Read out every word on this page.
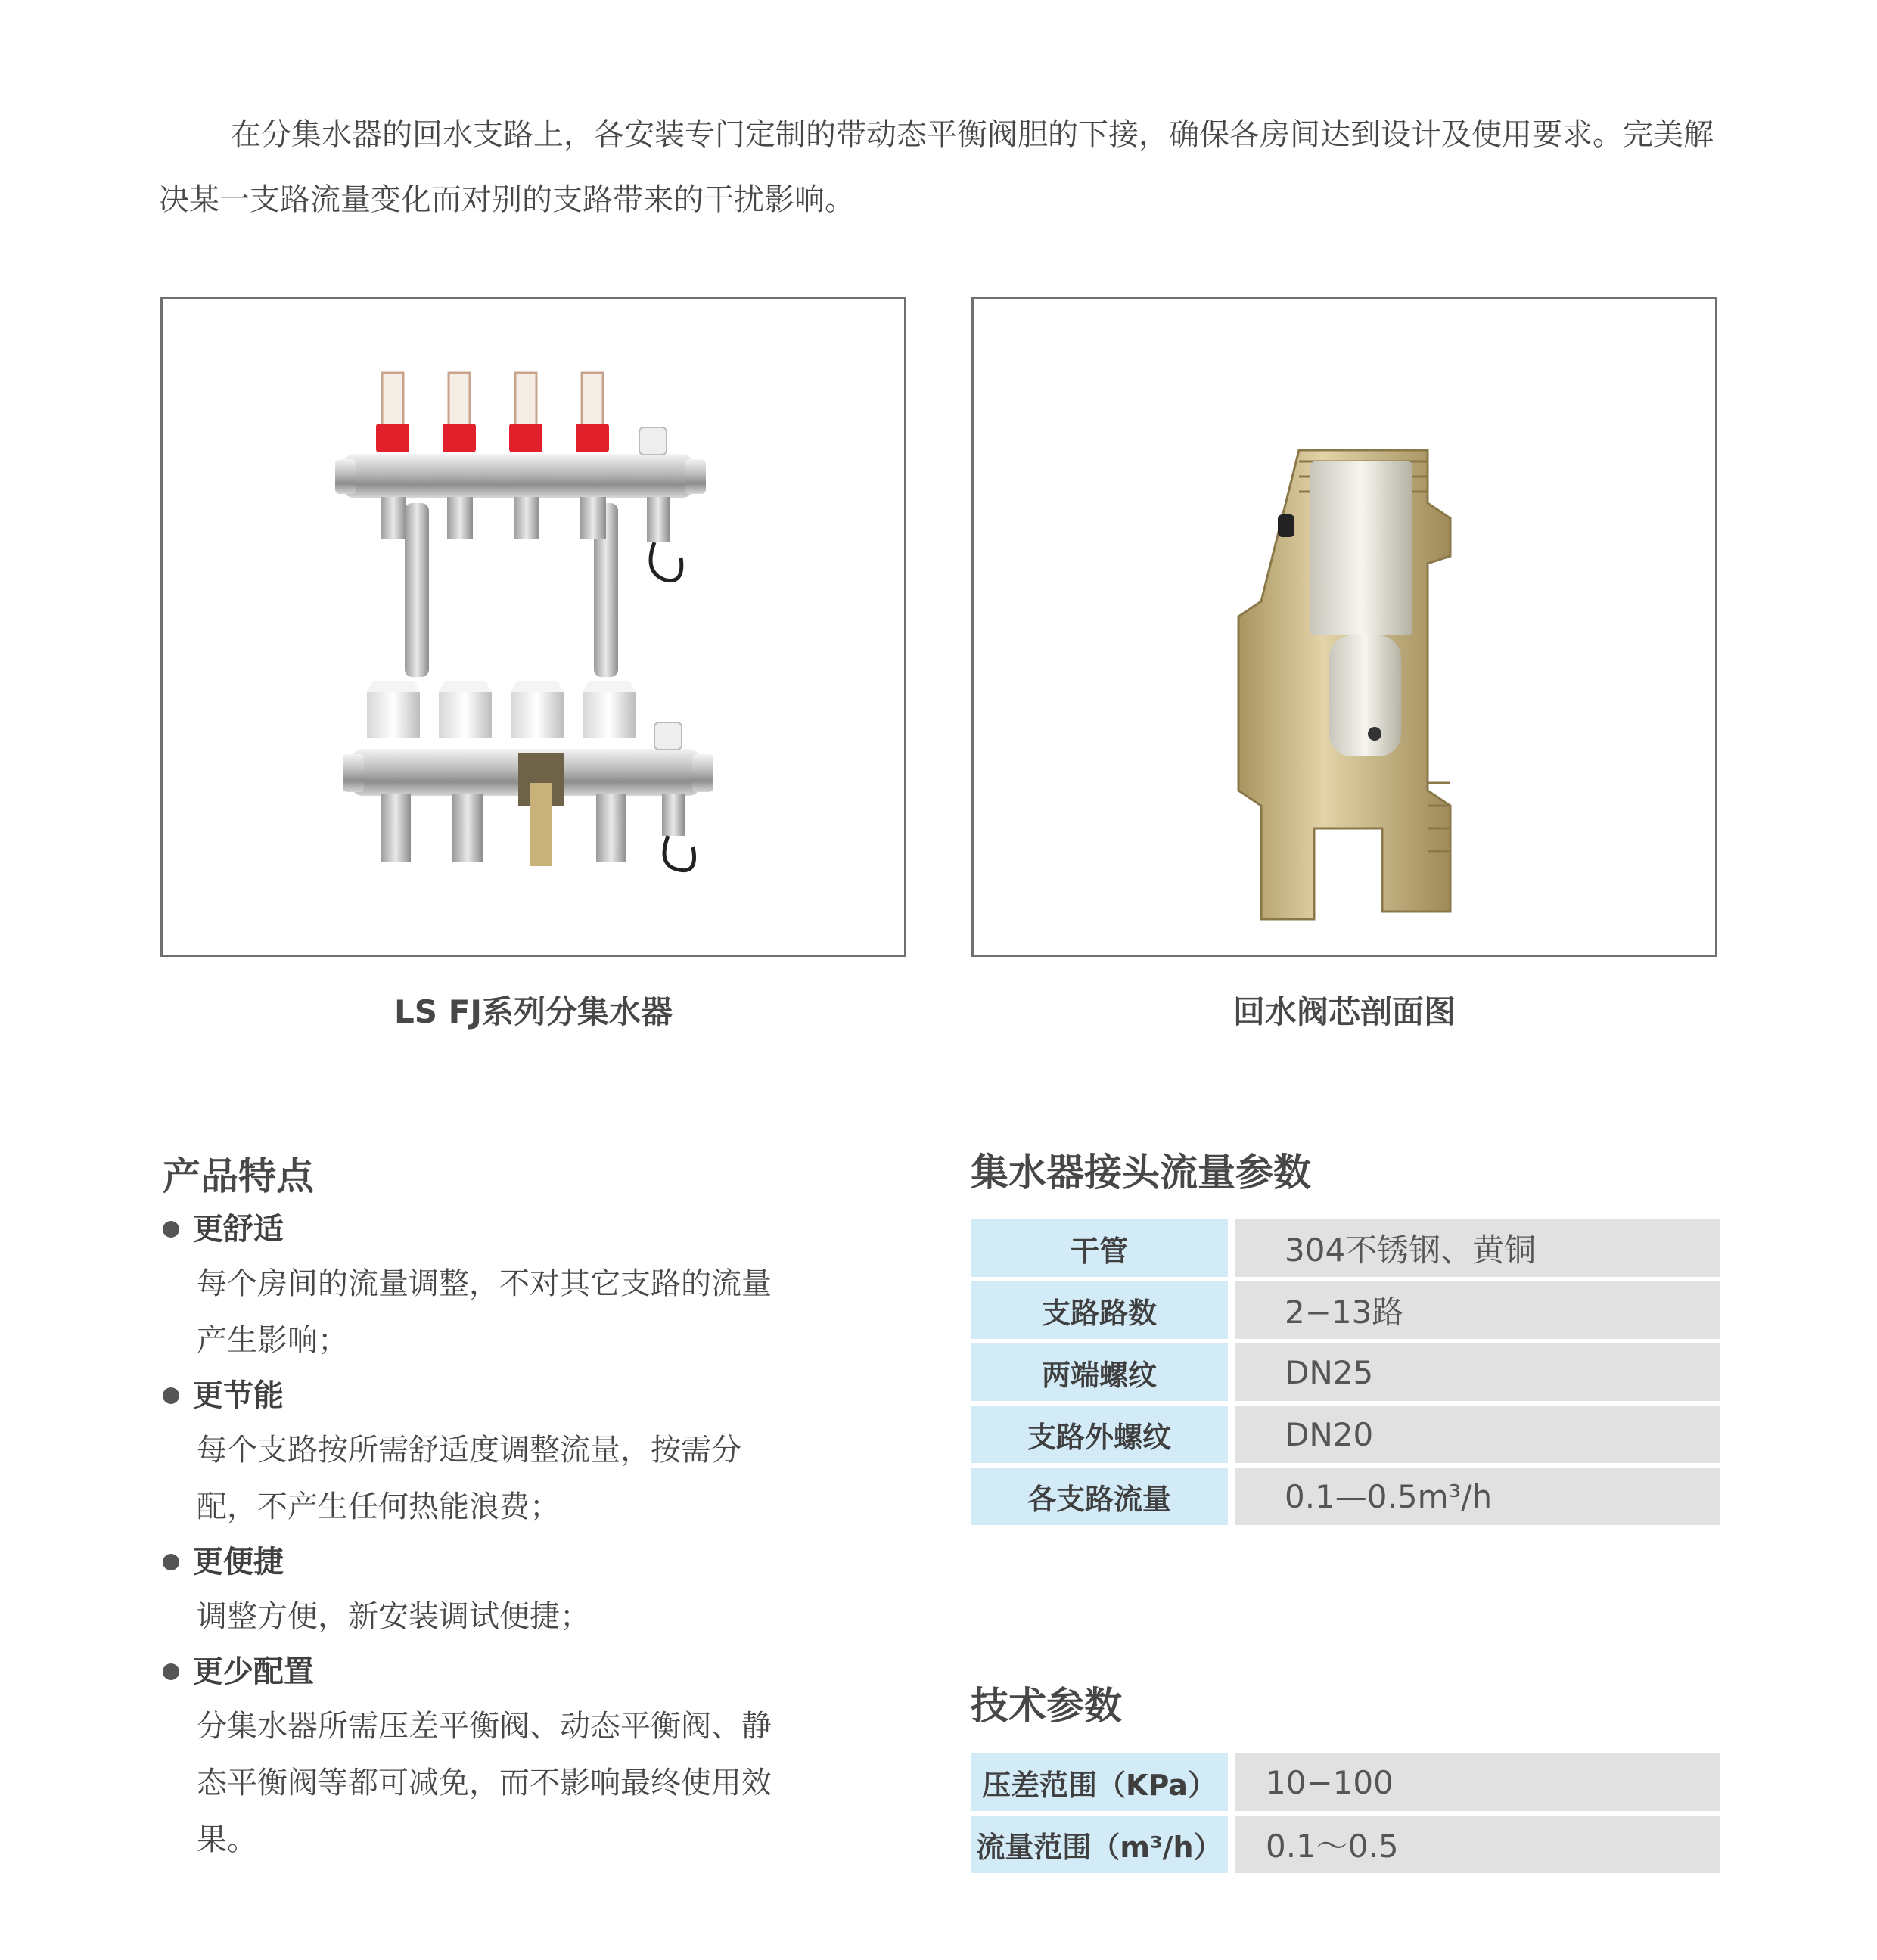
在分集水器的回水支路上，各安装专门定制的带动态平衡阀胆的下接，确保各房间达到设计及使用要求。完美解决某一支路流量变化而对别的支路带来的干扰影响。

LS FJ系列分集水器	回水阀芯剖面图
产品特点
更舒适
每个房间的流量调整，不对其它支路的流量产生影响；
更节能
每个支路按所需舒适度调整流量，按需分配，不产生任何热能浪费；
更便捷
调整方便，新安装调试便捷；
更少配置
分集水器所需压差平衡阀、动态平衡阀、静态平衡阀等都可减免，而不影响最终使用效果。
集水器接头流量参数
干管	304不锈钢、黄铜
支路路数	2−13路
两端螺纹	DN25
支路外螺纹	DN20
各支路流量	0.1—0.5m³/h
技术参数
压差范围（KPa）	10−100
流量范围（m³/h）	0.1～0.5
